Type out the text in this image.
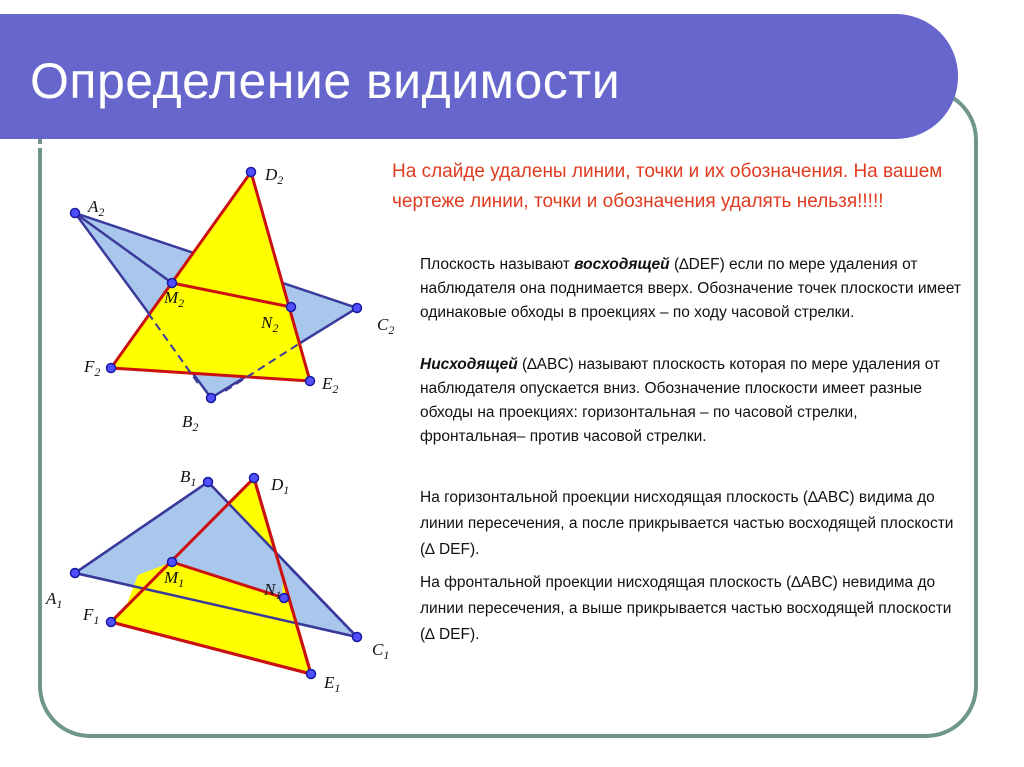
Определение видимости
$A_2$
$B_2$
$C_2$
$D_2$
$E_2$
$F_2$
$M_2$
$N_2$
$A_1$
$B_1$
$C_1$
$D_1$
$E_1$
$F_1$
$M_1$	$N_1$

На слайде удалены линии, точки и их обозначения. На вашем чертеже линии, точки и обозначения удалять нельзя!!!!!

Плоскость называют восходящей (∆DEF) если по мере удаления от наблюдателя она поднимается вверх. Обозначение точек плоскости имеет одинаковые обходы в проекциях – по ходу часовой стрелки.

Нисходящей (∆ABC) называют плоскость которая по мере удаления от наблюдателя опускается вниз. Обозначение плоскости имеет разные обходы на проекциях: горизонтальная – по часовой стрелки, фронтальная– против часовой стрелки.

На горизонтальной проекции нисходящая плоскость (∆ABC) видима до линии пересечения, а после прикрывается частью восходящей плоскости (∆ DEF).

На фронтальной проекции нисходящая плоскость (∆ABC) невидима до линии пересечения, а выше прикрывается частью восходящей плоскости (∆ DEF).
